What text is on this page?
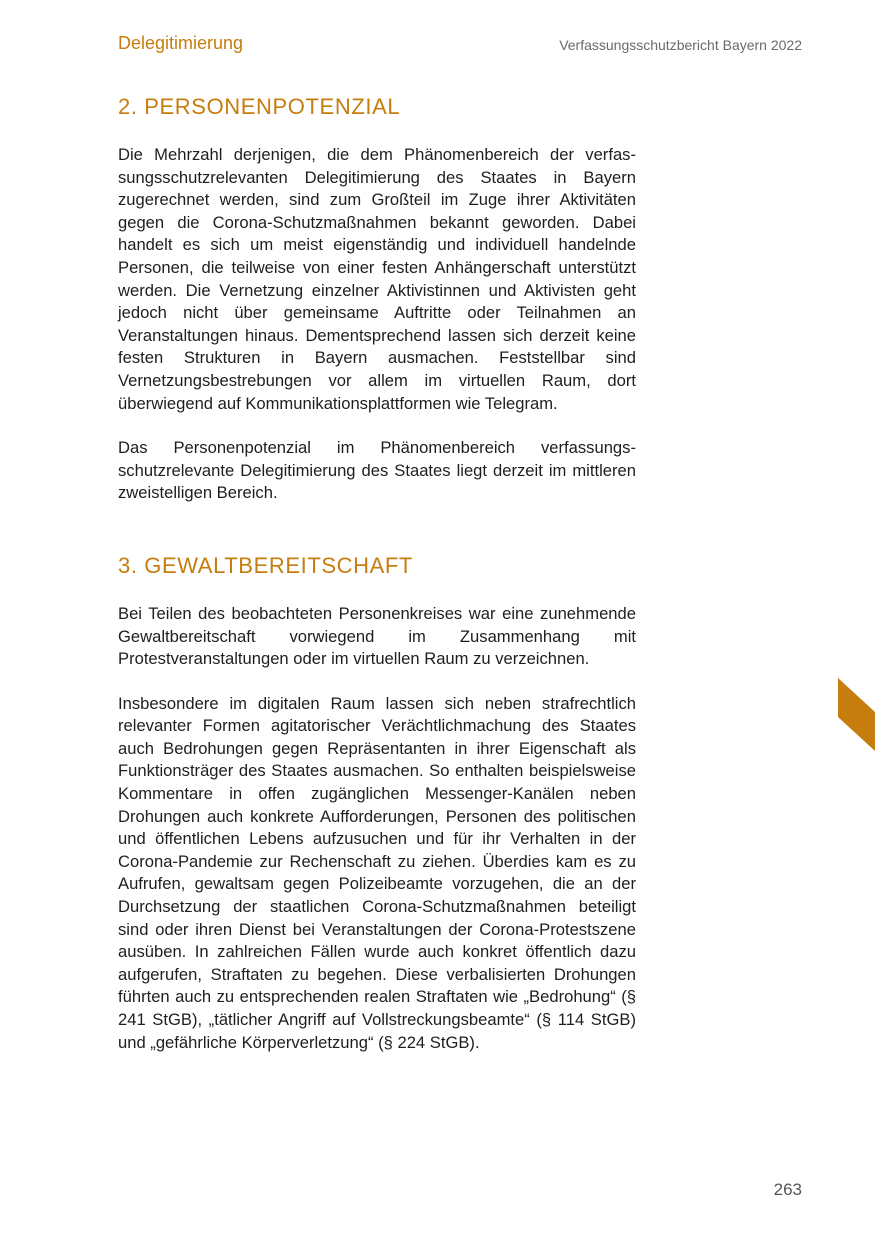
Delegitimierung	Verfassungsschutzbericht Bayern 2022
2. PERSONENPOTENZIAL

Die Mehrzahl derjenigen, die dem Phänomenbereich der verfassungsschutzrelevanten Delegitimierung des Staates in Bayern zugerechnet werden, sind zum Großteil im Zuge ihrer Aktivitäten gegen die Corona-Schutzmaßnahmen bekannt geworden. Dabei handelt es sich um meist eigenständig und individuell handelnde Personen, die teilweise von einer festen Anhängerschaft unterstützt werden. Die Vernetzung einzelner Aktivistinnen und Aktivisten geht jedoch nicht über gemeinsame Auftritte oder Teilnahmen an Veranstaltungen hinaus. Dementsprechend lassen sich derzeit keine festen Strukturen in Bayern ausmachen. Feststellbar sind Vernetzungsbestrebungen vor allem im virtuellen Raum, dort überwiegend auf Kommunikationsplattformen wie Telegram.

Das Personenpotenzial im Phänomenbereich verfassungsschutzrelevante Delegitimierung des Staates liegt derzeit im mittleren zweistelligen Bereich.

3. GEWALTBEREITSCHAFT

Bei Teilen des beobachteten Personenkreises war eine zunehmende Gewaltbereitschaft vorwiegend im Zusammenhang mit Protestveranstaltungen oder im virtuellen Raum zu verzeichnen.

Insbesondere im digitalen Raum lassen sich neben strafrechtlich relevanter Formen agitatorischer Verächtlichmachung des Staates auch Bedrohungen gegen Repräsentanten in ihrer Eigenschaft als Funktionsträger des Staates ausmachen. So enthalten beispielsweise Kommentare in offen zugänglichen Messenger-Kanälen neben Drohungen auch konkrete Aufforderungen, Personen des politischen und öffentlichen Lebens aufzusuchen und für ihr Verhalten in der Corona-Pandemie zur Rechenschaft zu ziehen. Überdies kam es zu Aufrufen, gewaltsam gegen Polizeibeamte vorzugehen, die an der Durchsetzung der staatlichen Corona-Schutzmaßnahmen beteiligt sind oder ihren Dienst bei Veranstaltungen der Corona-Protestszene ausüben. In zahlreichen Fällen wurde auch konkret öffentlich dazu aufgerufen, Straftaten zu begehen. Diese verbalisierten Drohungen führten auch zu entsprechenden realen Straftaten wie „Bedrohung“ (§ 241 StGB), „tätlicher Angriff auf Vollstreckungsbeamte“ (§ 114 StGB) und „gefährliche Körperverletzung“ (§ 224 StGB).

263
